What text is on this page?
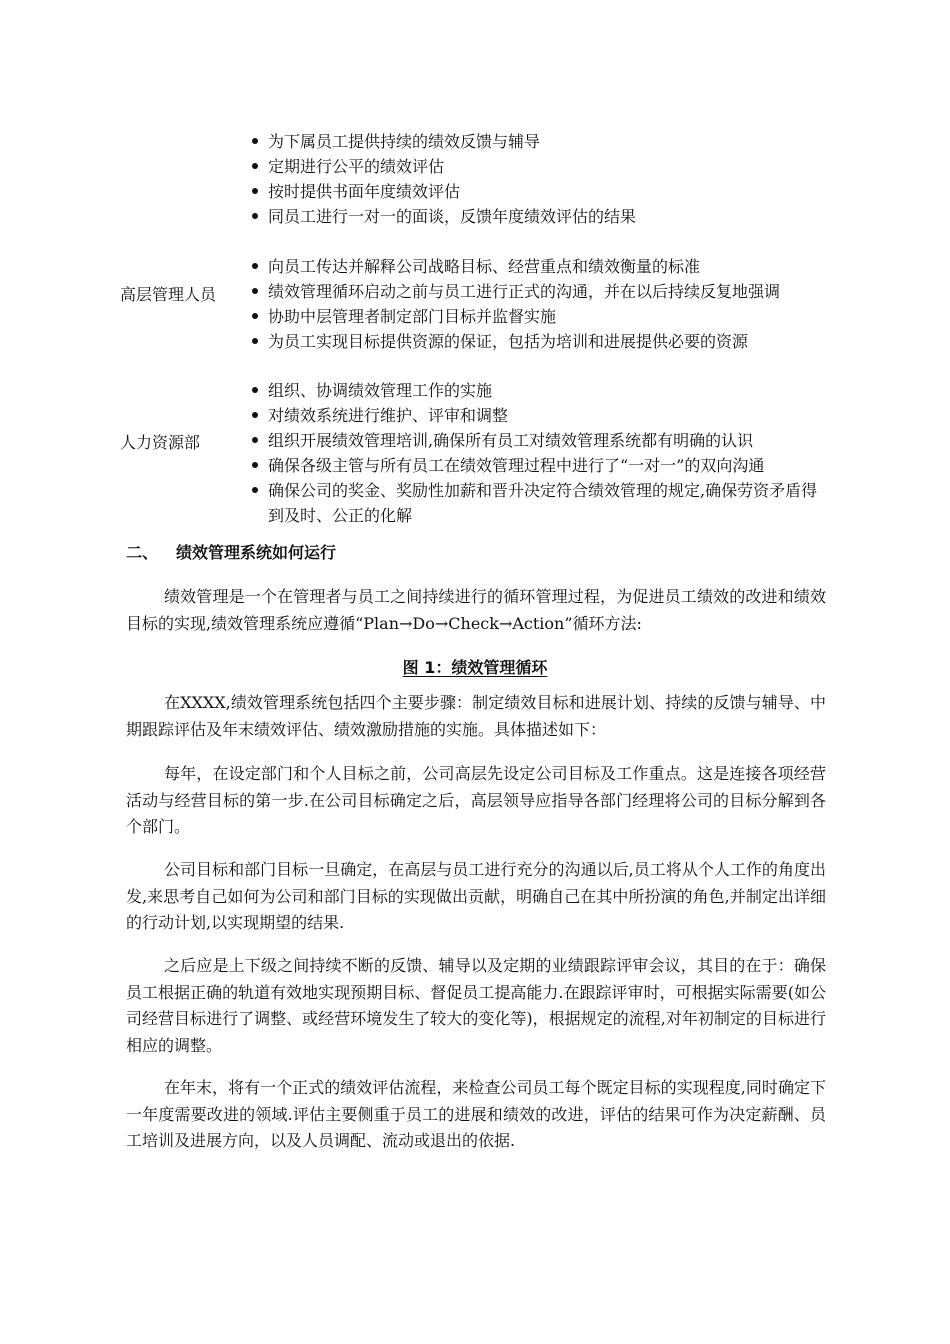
为下属员工提供持续的绩效反馈与辅导
定期进行公平的绩效评估
按时提供书面年度绩效评估
同员工进行一对一的面谈，反馈年度绩效评估的结果
高层管理人员
向员工传达并解释公司战略目标、经营重点和绩效衡量的标准
绩效管理循环启动之前与员工进行正式的沟通，并在以后持续反复地强调
协助中层管理者制定部门目标并监督实施
为员工实现目标提供资源的保证，包括为培训和进展提供必要的资源
人力资源部
组织、协调绩效管理工作的实施
对绩效系统进行维护、评审和调整
组织开展绩效管理培训,确保所有员工对绩效管理系统都有明确的认识
确保各级主管与所有员工在绩效管理过程中进行了“一对一”的双向沟通
确保公司的奖金、奖励性加薪和晋升决定符合绩效管理的规定,确保劳资矛盾得到及时、公正的化解
二、 绩效管理系统如何运行

绩效管理是一个在管理者与员工之间持续进行的循环管理过程，为促进员工绩效的改进和绩效目标的实现,绩效管理系统应遵循“Plan→Do→Check→Action”循环方法:

图 1：绩效管理循环

在XXXX,绩效管理系统包括四个主要步骤：制定绩效目标和进展计划、持续的反馈与辅导、中期跟踪评估及年末绩效评估、绩效激励措施的实施。具体描述如下：

每年，在设定部门和个人目标之前，公司高层先设定公司目标及工作重点。这是连接各项经营活动与经营目标的第一步.在公司目标确定之后，高层领导应指导各部门经理将公司的目标分解到各个部门。

公司目标和部门目标一旦确定，在高层与员工进行充分的沟通以后,员工将从个人工作的角度出发,来思考自己如何为公司和部门目标的实现做出贡献，明确自己在其中所扮演的角色,并制定出详细的行动计划,以实现期望的结果.

之后应是上下级之间持续不断的反馈、辅导以及定期的业绩跟踪评审会议，其目的在于：确保员工根据正确的轨道有效地实现预期目标、督促员工提高能力.在跟踪评审时，可根据实际需要(如公司经营目标进行了调整、或经营环境发生了较大的变化等)，根据规定的流程,对年初制定的目标进行相应的调整。

在年末，将有一个正式的绩效评估流程，来检查公司员工每个既定目标的实现程度,同时确定下一年度需要改进的领域.评估主要侧重于员工的进展和绩效的改进，评估的结果可作为决定薪酬、员工培训及进展方向，以及人员调配、流动或退出的依据.
